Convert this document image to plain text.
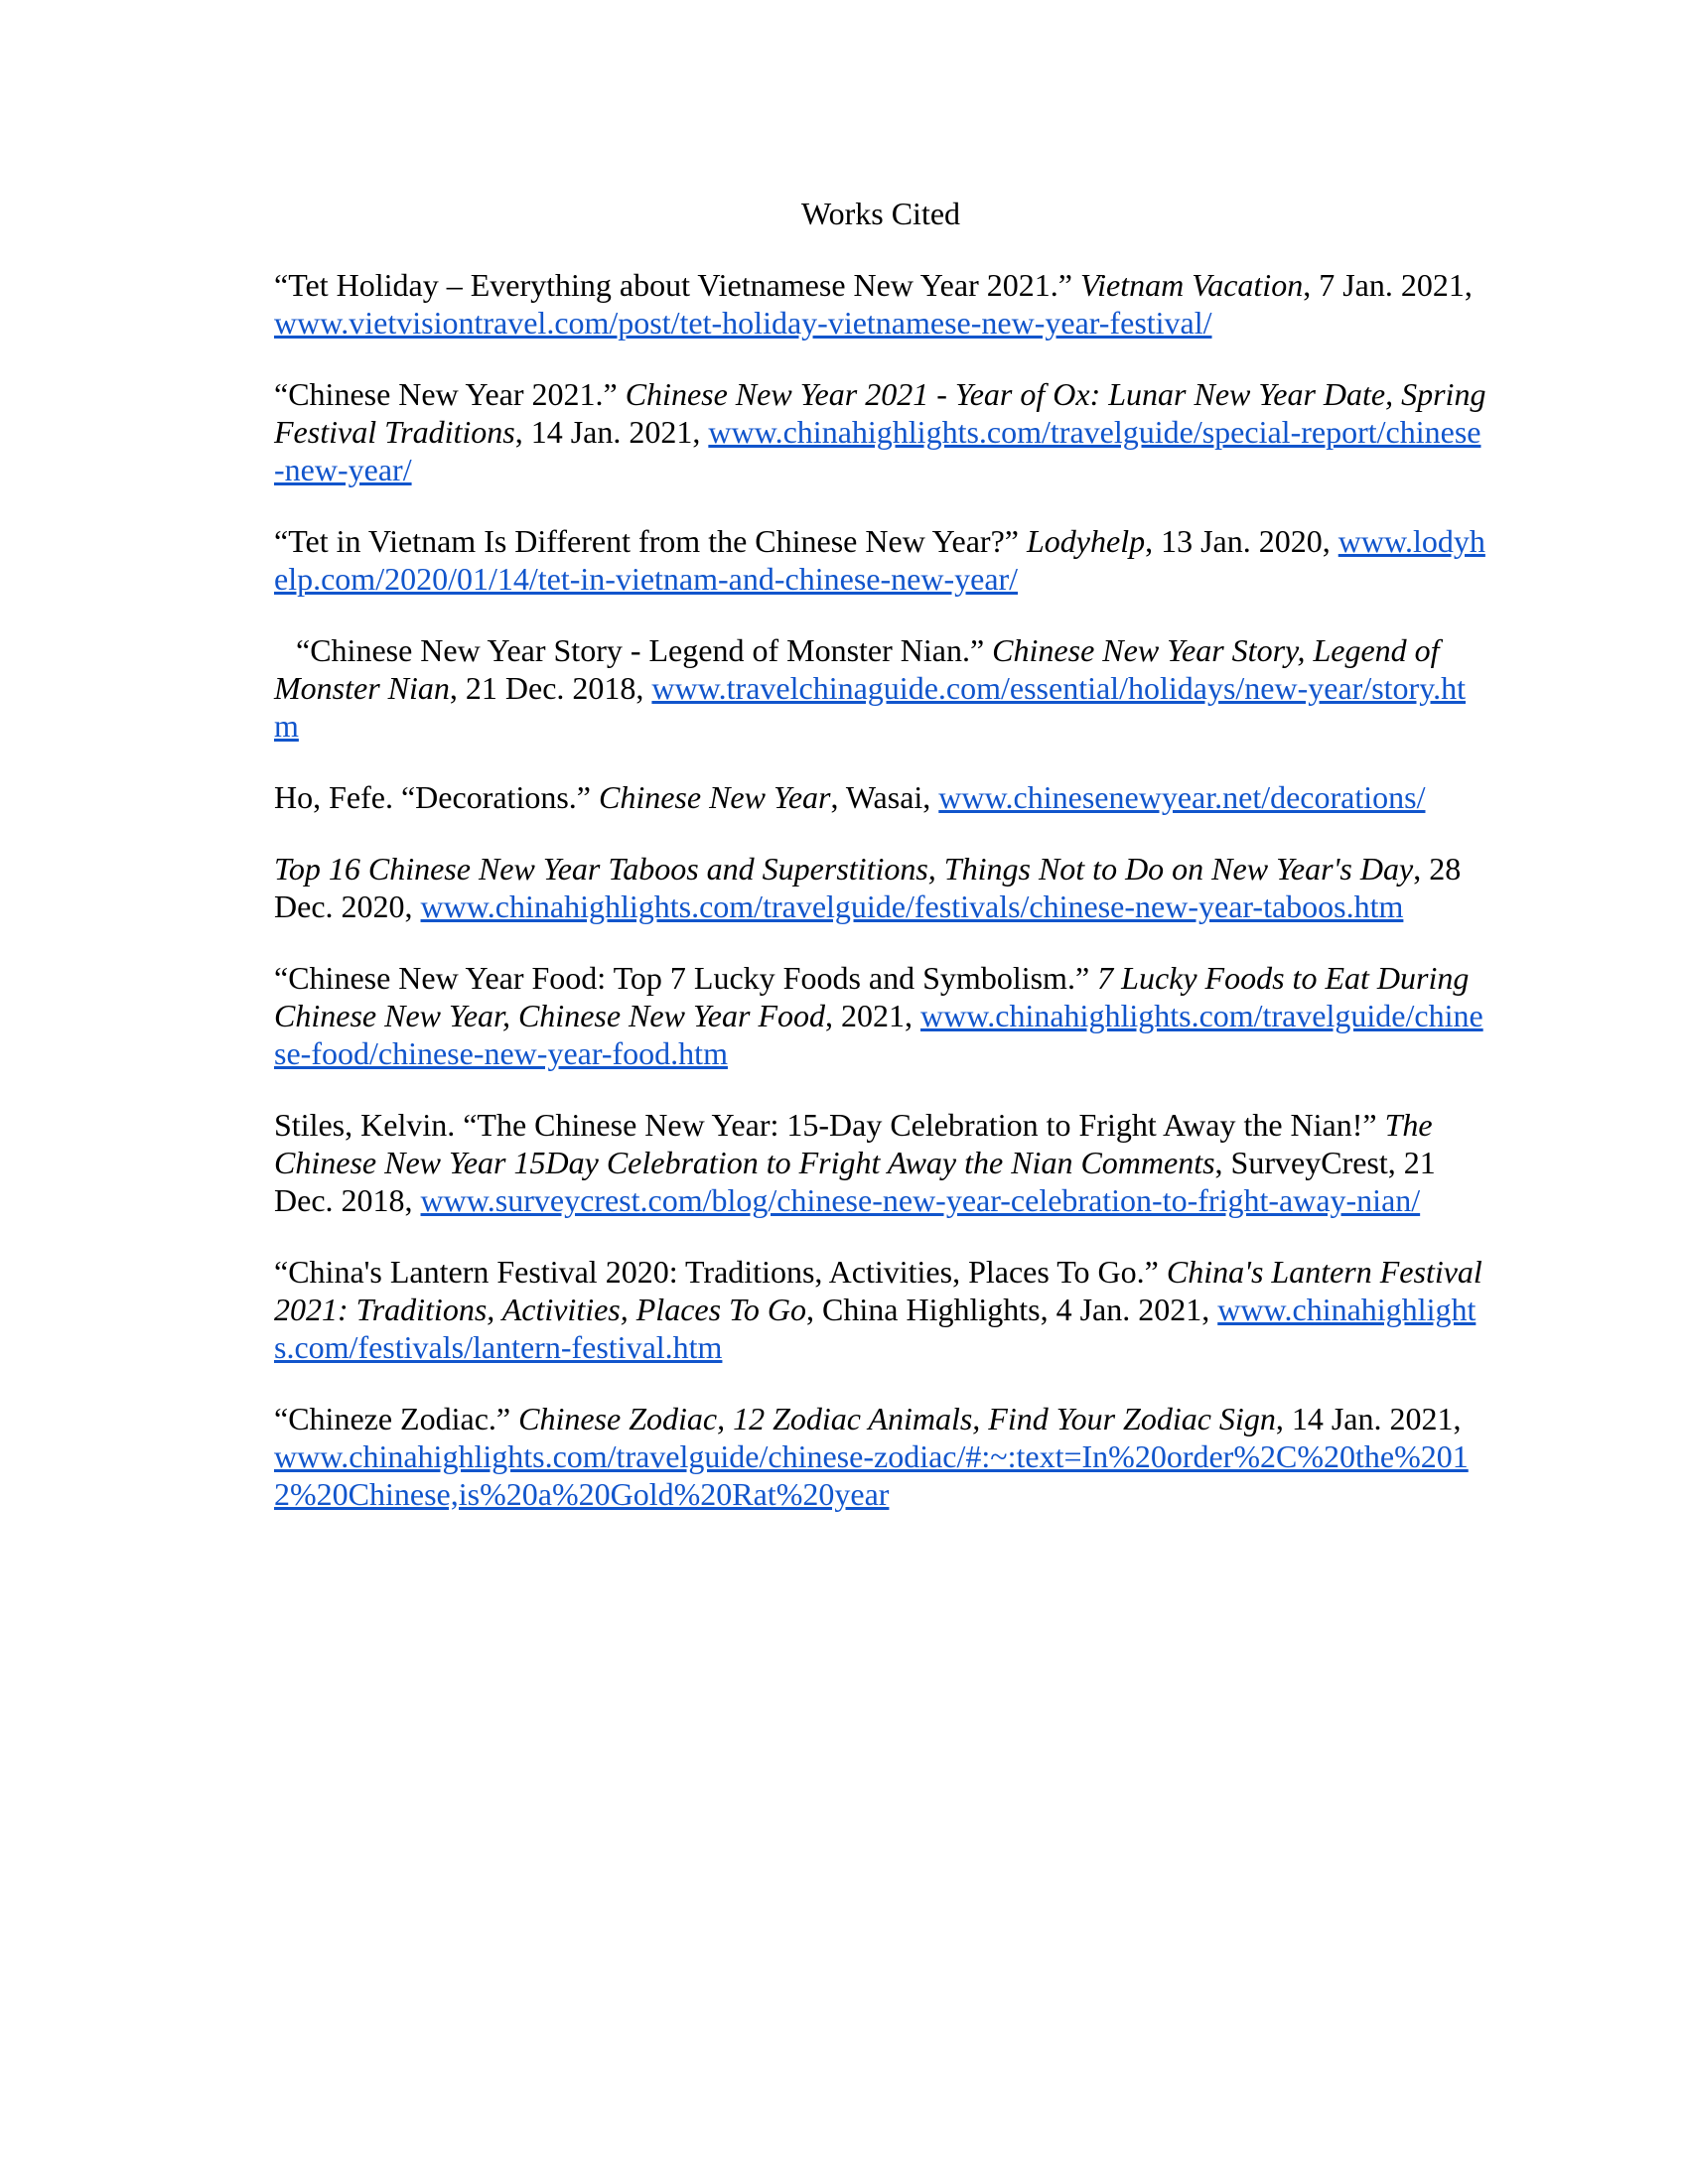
Works Cited

“Tet Holiday – Everything about Vietnamese New Year 2021.” Vietnam Vacation, 7 Jan. 2021, www.vietvisiontravel.com/post/tet-holiday-vietnamese-new-year-festival/

“Chinese New Year 2021.” Chinese New Year 2021 - Year of Ox: Lunar New Year Date, Spring Festival Traditions, 14 Jan. 2021, www.chinahighlights.com/travelguide/special-report/chinese-new-year/

“Tet in Vietnam Is Different from the Chinese New Year?” Lodyhelp, 13 Jan. 2020, www.lodyhelp.com/2020/01/14/tet-in-vietnam-and-chinese-new-year/

“Chinese New Year Story - Legend of Monster Nian.” Chinese New Year Story, Legend of Monster Nian, 21 Dec. 2018, www.travelchinaguide.com/essential/holidays/new-year/story.htm

Ho, Fefe. “Decorations.” Chinese New Year, Wasai, www.chinesenewyear.net/decorations/

Top 16 Chinese New Year Taboos and Superstitions, Things Not to Do on New Year's Day, 28 Dec. 2020, www.chinahighlights.com/travelguide/festivals/chinese-new-year-taboos.htm

“Chinese New Year Food: Top 7 Lucky Foods and Symbolism.” 7 Lucky Foods to Eat During Chinese New Year, Chinese New Year Food, 2021, www.chinahighlights.com/travelguide/chinese-food/chinese-new-year-food.htm

Stiles, Kelvin. “The Chinese New Year: 15-Day Celebration to Fright Away the Nian!” The Chinese New Year 15Day Celebration to Fright Away the Nian Comments, SurveyCrest, 21 Dec. 2018, www.surveycrest.com/blog/chinese-new-year-celebration-to-fright-away-nian/

“China's Lantern Festival 2020: Traditions, Activities, Places To Go.” China's Lantern Festival 2021: Traditions, Activities, Places To Go, China Highlights, 4 Jan. 2021, www.chinahighlights.com/festivals/lantern-festival.htm

“Chineze Zodiac.” Chinese Zodiac, 12 Zodiac Animals, Find Your Zodiac Sign, 14 Jan. 2021, www.chinahighlights.com/travelguide/chinese-zodiac/#:~:text=In%20order%2C%20the%2012%20Chinese,is%20a%20Gold%20Rat%20year
